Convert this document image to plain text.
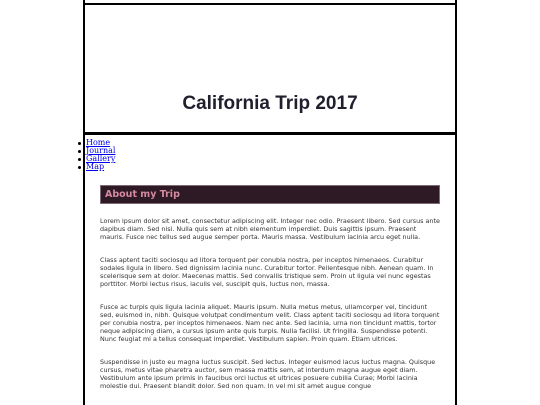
California Trip 2017
Home
Journal
Gallery
Map
About my Trip

Lorem ipsum dolor sit amet, consectetur adipiscing elit. Integer nec odio. Praesent libero. Sed cursus ante dapibus diam. Sed nisi. Nulla quis sem at nibh elementum imperdiet. Duis sagittis ipsum. Praesent mauris. Fusce nec tellus sed augue semper porta. Mauris massa. Vestibulum lacinia arcu eget nulla.

Class aptent taciti sociosqu ad litora torquent per conubia nostra, per inceptos himenaeos. Curabitur sodales ligula in libero. Sed dignissim lacinia nunc. Curabitur tortor. Pellentesque nibh. Aenean quam. In scelerisque sem at dolor. Maecenas mattis. Sed convallis tristique sem. Proin ut ligula vel nunc egestas porttitor. Morbi lectus risus, iaculis vel, suscipit quis, luctus non, massa.

Fusce ac turpis quis ligula lacinia aliquet. Mauris ipsum. Nulla metus metus, ullamcorper vel, tincidunt sed, euismod in, nibh. Quisque volutpat condimentum velit. Class aptent taciti sociosqu ad litora torquent per conubia nostra, per inceptos himenaeos. Nam nec ante. Sed lacinia, urna non tincidunt mattis, tortor neque adipiscing diam, a cursus ipsum ante quis turpis. Nulla facilisi. Ut fringilla. Suspendisse potenti. Nunc feugiat mi a tellus consequat imperdiet. Vestibulum sapien. Proin quam. Etiam ultrices.

Suspendisse in justo eu magna luctus suscipit. Sed lectus. Integer euismod lacus luctus magna. Quisque cursus, metus vitae pharetra auctor, sem massa mattis sem, at interdum magna augue eget diam. Vestibulum ante ipsum primis in faucibus orci luctus et ultrices posuere cubilia Curae; Morbi lacinia molestie dui. Praesent blandit dolor. Sed non quam. In vel mi sit amet augue congue
